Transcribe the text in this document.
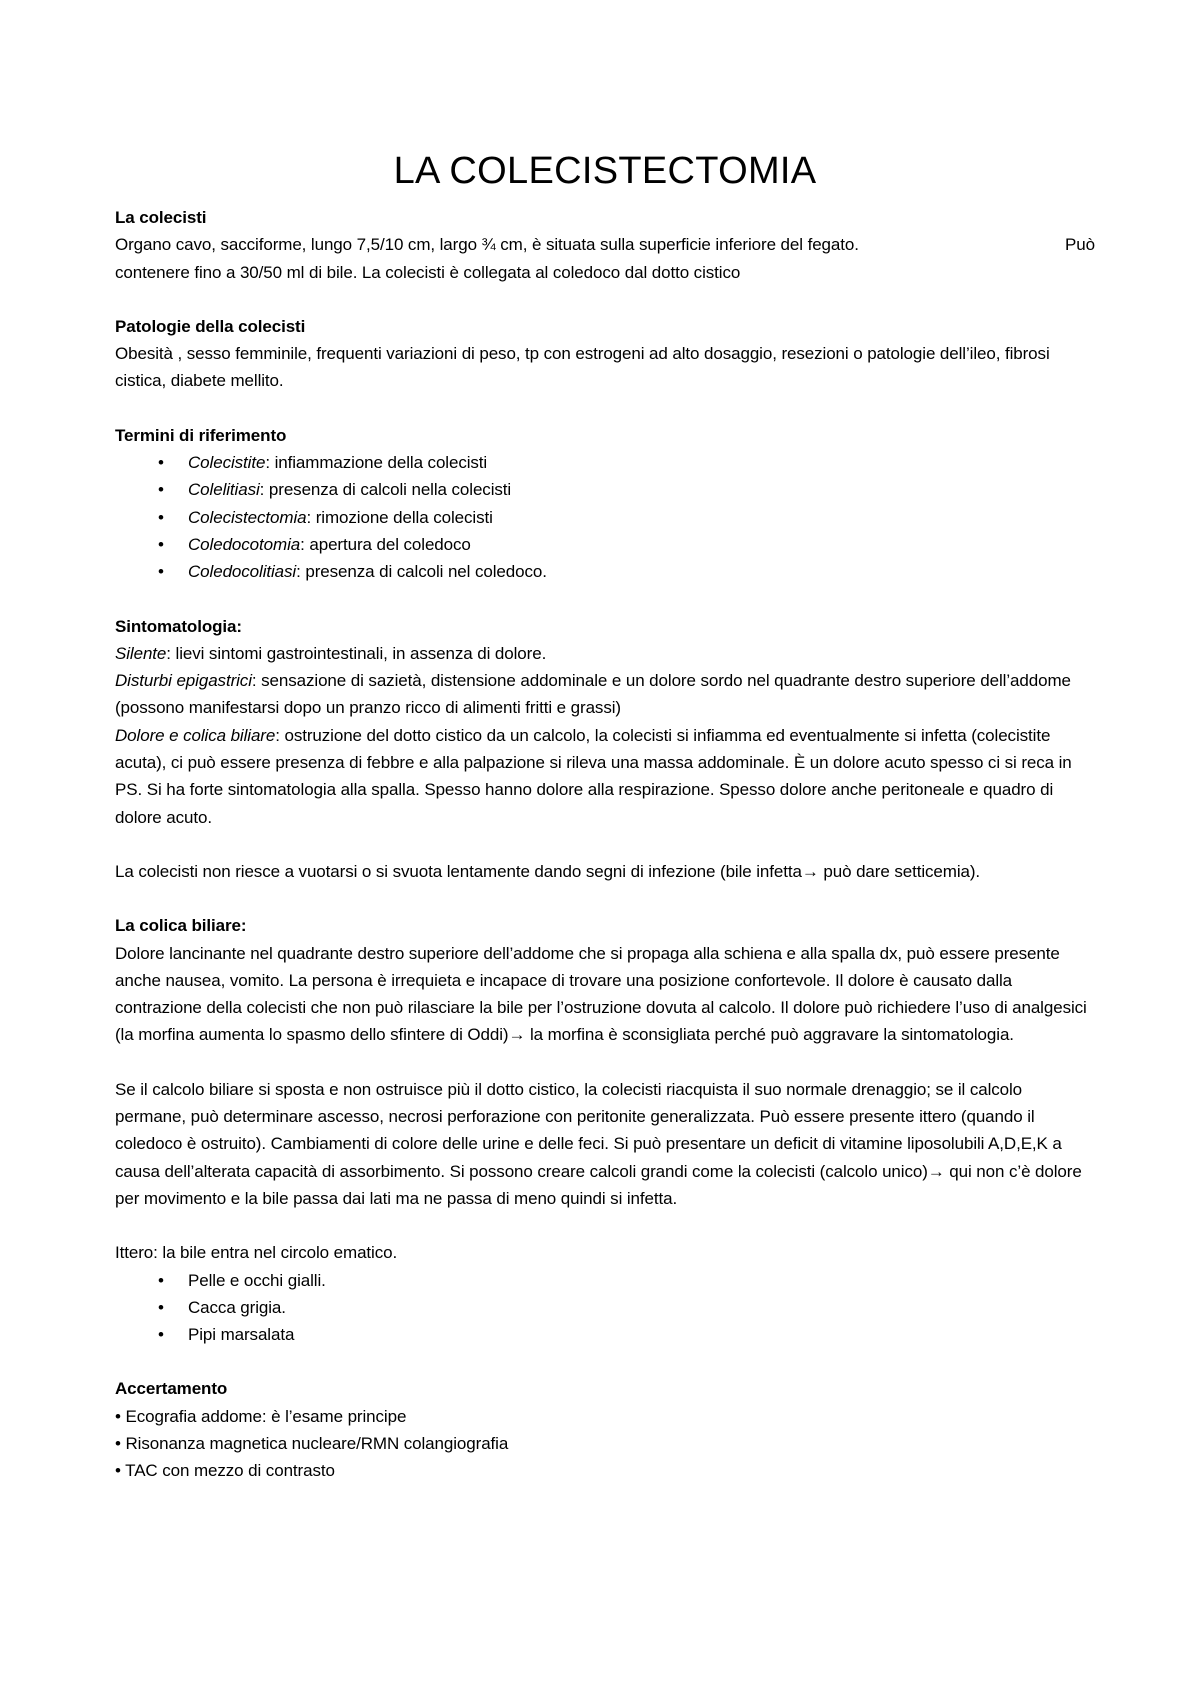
LA COLECISTECTOMIA

La colecisti

Può
Organo cavo, sacciforme, lungo 7,5/10 cm, largo ¾ cm, è situata sulla superficie inferiore del fegato.

contenere fino a 30/50 ml di bile. La colecisti è collegata al coledoco dal dotto cistico

Patologie della colecisti

Obesità , sesso femminile, frequenti variazioni di peso, tp con estrogeni ad alto dosaggio, resezioni o patologie dell’ileo, fibrosi cistica, diabete mellito.

Termini di riferimento

• Colecistite: infiammazione della colecisti
• Colelitiasi: presenza di calcoli nella colecisti
• Colecistectomia: rimozione della colecisti
• Coledocotomia: apertura del coledoco
• Coledocolitiasi: presenza di calcoli nel coledoco.

Sintomatologia:

Silente: lievi sintomi gastrointestinali, in assenza di dolore.

Disturbi epigastrici: sensazione di sazietà, distensione addominale e un dolore sordo nel quadrante destro superiore dell’addome (possono manifestarsi dopo un pranzo ricco di alimenti fritti e grassi)

Dolore e colica biliare: ostruzione del dotto cistico da un calcolo, la colecisti si infiamma ed eventualmente si infetta (colecistite acuta), ci può essere presenza di febbre e alla palpazione si rileva una massa addominale. È un dolore acuto spesso ci si reca in PS. Si ha forte sintomatologia alla spalla. Spesso hanno dolore alla respirazione. Spesso dolore anche peritoneale e quadro di dolore acuto.

La colecisti non riesce a vuotarsi o si svuota lentamente dando segni di infezione (bile infetta→ può dare setticemia).

La colica biliare:

Dolore lancinante nel quadrante destro superiore dell’addome che si propaga alla schiena e alla spalla dx, può essere presente anche nausea, vomito. La persona è irrequieta e incapace di trovare una posizione confortevole. Il dolore è causato dalla contrazione della colecisti che non può rilasciare la bile per l’ostruzione dovuta al calcolo. Il dolore può richiedere l’uso di analgesici (la morfina aumenta lo spasmo dello sfintere di Oddi)→ la morfina è sconsigliata perché può aggravare la sintomatologia.

Se il calcolo biliare si sposta e non ostruisce più il dotto cistico, la colecisti riacquista il suo normale drenaggio; se il calcolo permane, può determinare ascesso, necrosi perforazione con peritonite generalizzata. Può essere presente ittero (quando il coledoco è ostruito). Cambiamenti di colore delle urine e delle feci. Si può presentare un deficit di vitamine liposolubili A,D,E,K a causa dell’alterata capacità di assorbimento. Si possono creare calcoli grandi come la colecisti (calcolo unico)→ qui non c’è dolore per movimento e la bile passa dai lati ma ne passa di meno quindi si infetta.

Ittero: la bile entra nel circolo ematico.

• Pelle e occhi gialli.
• Cacca grigia.
• Pipi marsalata

Accertamento

• Ecografia addome: è l’esame principe

• Risonanza magnetica nucleare/RMN colangiografia

• TAC con mezzo di contrasto
